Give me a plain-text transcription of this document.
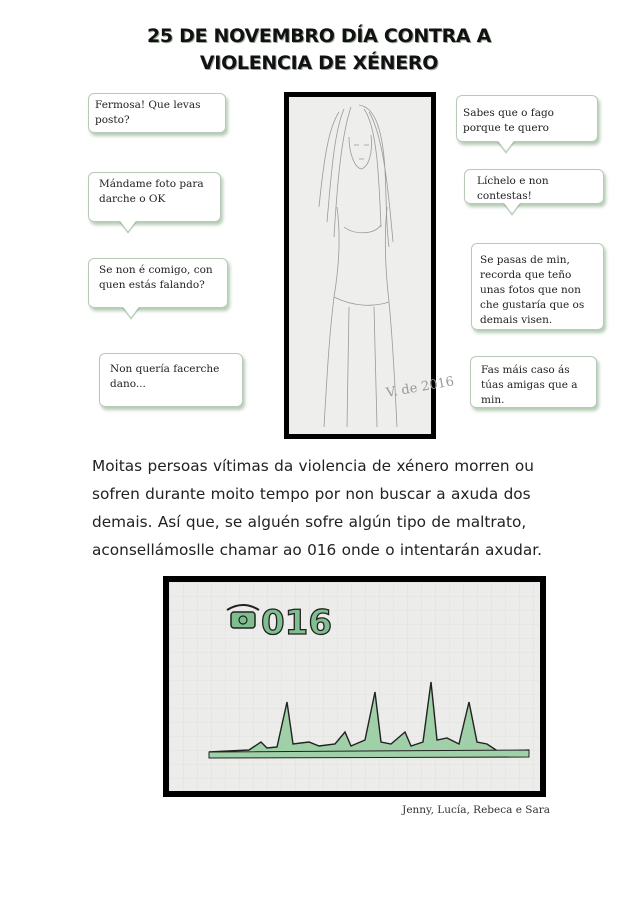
25 DE NOVEMBRO DÍA CONTRA A
VIOLENCIA DE XÉNERO
Fermosa! Que levas posto?
Mándame foto para darche o OK
Se non é comigo, con quen estás falando?
Non quería facerche dano...
Sabes que o fago porque te quero
Líchelo e non contestas!
Se pasas de min, recorda que teño unas fotos que non che gustaría que os demais visen.
Fas máis caso ás túas amigas que a min.
V. de 2016
Moitas persoas vítimas da violencia de xénero morren ou sofren durante moito tempo por non buscar a axuda dos demais. Así que, se alguén sofre algún tipo de maltrato, aconsellámoslle chamar ao 016 onde o intentarán axudar.
016
Jenny, Lucía, Rebeca e Sara
